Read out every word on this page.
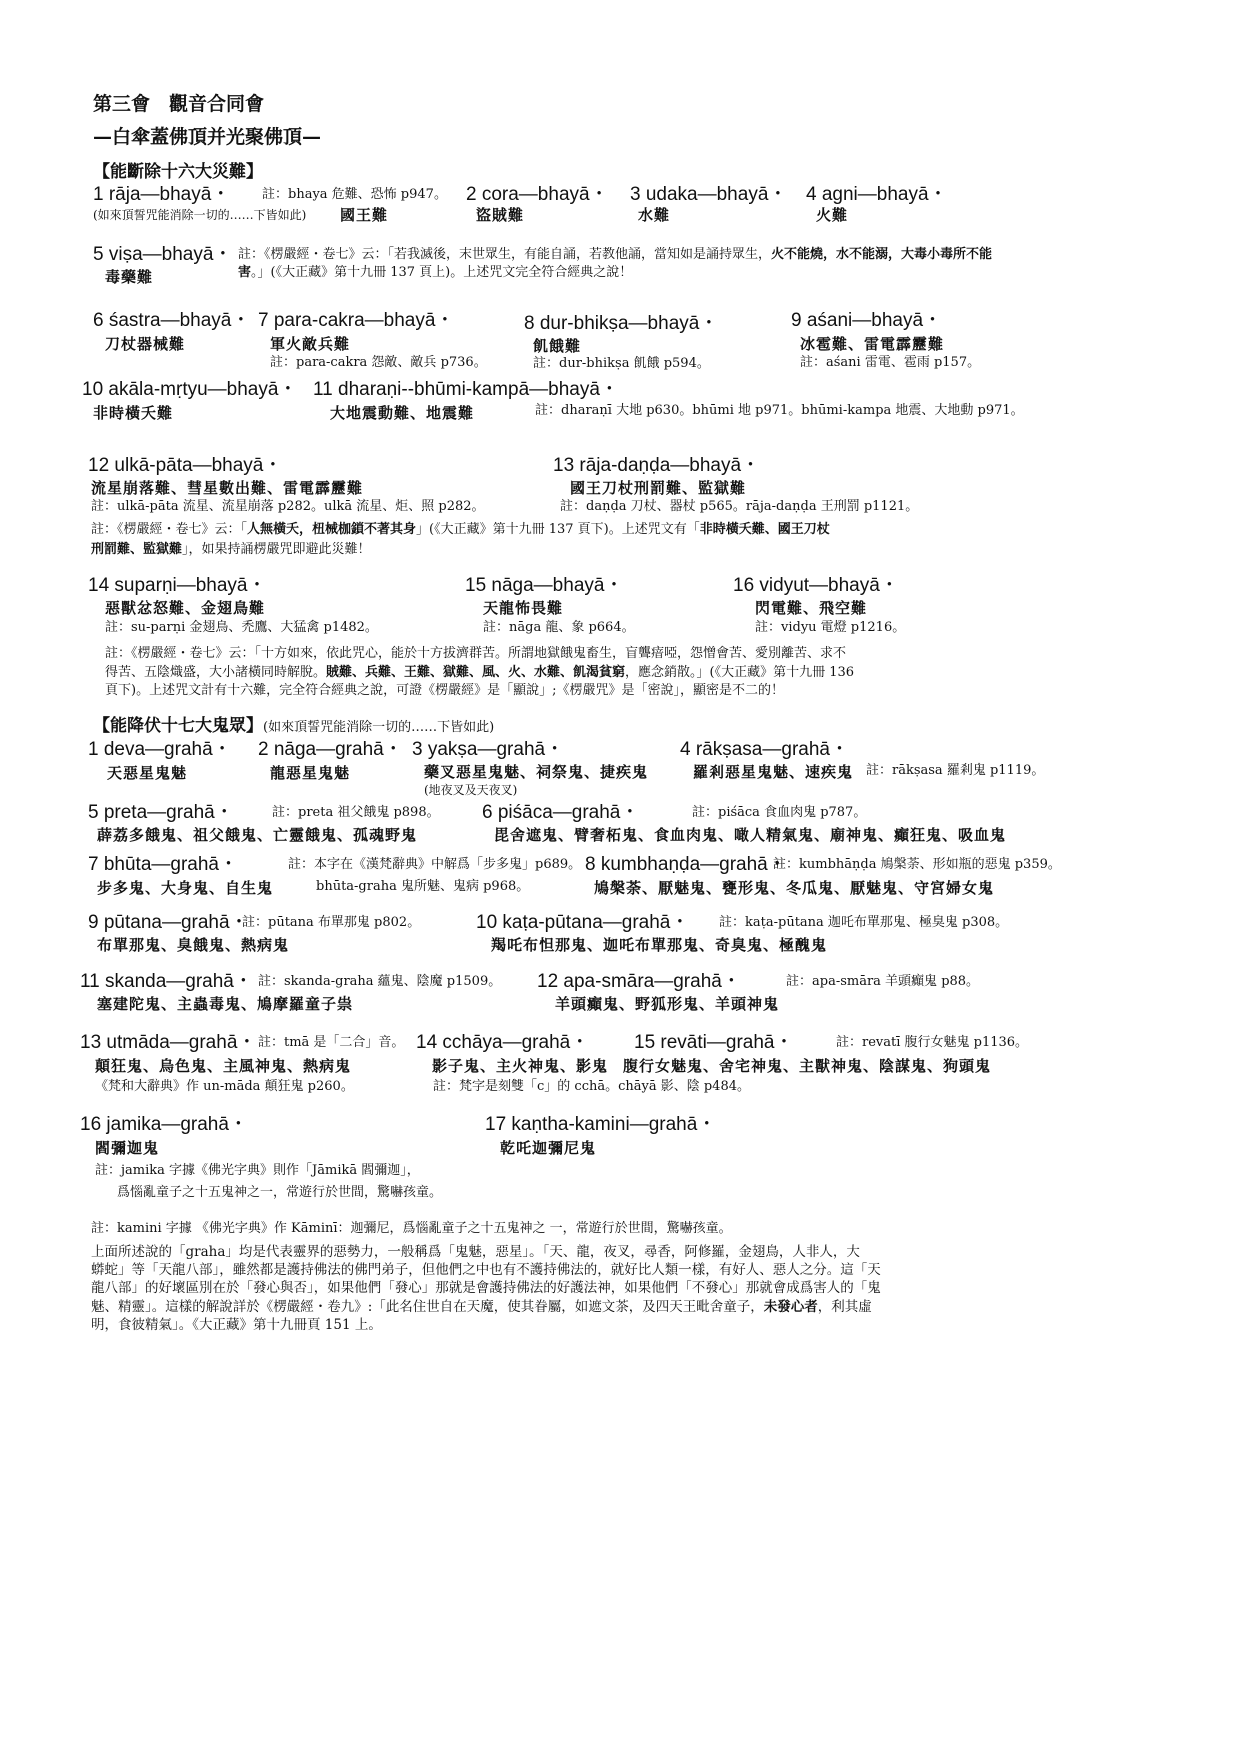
第三會　觀音合同會
—白傘蓋佛頂并光聚佛頂—
【能斷除十六大災難】
1 rāja—bhayā・
(如來頂誓咒能消除一切的……下皆如此) 國王難
註：bhaya 危難、恐怖 p947。 2 cora—bhayā・
盜賊難
3 udaka—bhayā・
水難
4 agni—bhayā・
火難
5 viṣa—bhayā・
毒藥難
註：《楞嚴經・卷七》云：「若我滅後，末世眾生，有能自誦，若教他誦，當知如是誦持眾生，火不能燒，水不能溺，大毒小毒所不能
害。」(《大正藏》第十九冊 137 頁上)。上述咒文完全符合經典之說！
6 śastra—bhayā・
刀杖器械難
7 para-cakra—bhayā・
軍火敵兵難
註：para-cakra 怨敵、敵兵 p736。
8 dur-bhikṣa—bhayā・
飢餓難
註：dur-bhikṣa 飢餓 p594。
9 aśani—bhayā・
冰雹難、雷電霹靂難
註：aśani 雷電、雹雨 p157。
10 akāla-mṛtyu—bhayā・
非時橫夭難
11 dharaṇi--bhūmi-kampā—bhayā・
大地震動難、地震難	註：dharaṇī 大地 p630。bhūmi 地 p971。bhūmi-kampa 地震、大地動 p971。
12 ulkā-pāta—bhayā・
流星崩落難、彗星數出難、雷電霹靂難
註：ulkā-pāta 流星、流星崩落 p282。ulkā 流星、炬、照 p282。
13 rāja-daṇḍa—bhayā・
國王刀杖刑罰難、監獄難
註：daṇḍa 刀杖、器杖 p565。rāja-daṇḍa 王刑罰 p1121。
註：《楞嚴經・卷七》云：「人無橫夭，杻械枷鎖不著其身」(《大正藏》第十九冊 137 頁下)。上述咒文有「非時橫夭難、國王刀杖
刑罰難、監獄難」，如果持誦楞嚴咒即避此災難！
14 suparṇi—bhayā・
惡獸忿怒難、金翅鳥難
註：su-parṇi 金翅鳥、禿鷹、大猛禽 p1482。
15 nāga—bhayā・
天龍怖畏難
註：nāga 龍、象 p664。
16 vidyut—bhayā・
閃電難、飛空難
註：vidyu 電燈 p1216。
註：《楞嚴經・卷七》云：「十方如來，依此咒心，能於十方拔濟群苦。所謂地獄餓鬼畜生，盲聾瘖啞，怨憎會苦、愛別離苦、求不
得苦、五陰熾盛，大小諸橫同時解脫。賊難、兵難、王難、獄難、風、火、水難、飢渴貧窮，應念銷散。」(《大正藏》第十九冊 136
頁下)。上述咒文計有十六難，完全符合經典之說，可證《楞嚴經》是「顯說」;《楞嚴咒》是「密說」，顯密是不二的！
【能降伏十七大鬼眾】(如來頂誓咒能消除一切的……下皆如此)
1 deva—grahā・
天惡星鬼魅
2 nāga—grahā・
龍惡星鬼魅
3 yakṣa—grahā・
藥叉惡星鬼魅、祠祭鬼、捷疾鬼
(地夜叉及天夜叉)
4 rākṣasa—grahā・
羅剎惡星鬼魅、速疾鬼 註：rākṣasa 羅剎鬼 p1119。
5 preta—grahā・
薜荔多餓鬼、祖父餓鬼、亡靈餓鬼、孤魂野鬼
註：preta 祖父餓鬼 p898。 6 piśāca—grahā・
毘舍遮鬼、臂奢柘鬼、食血肉鬼、噉人精氣鬼、廟神鬼、癲狂鬼、吸血鬼
註：piśāca 食血肉鬼 p787。
7 bhūta—grahā・
步多鬼、大身鬼、自生鬼
註：本字在《漢梵辭典》中解爲「步多鬼」p689。
bhūta-graha 鬼所魅、鬼病 p968。
8 kumbhaṇḍa—grahā・
鳩槃荼、厭魅鬼、甕形鬼、冬瓜鬼、厭魅鬼、守宮婦女鬼
註：kumbhāṇḍa 鳩槃荼、形如瓶的惡鬼 p359。
9 pūtana—grahā・
布單那鬼、臭餓鬼、熱病鬼
註：pūtana 布單那鬼 p802。	10 kaṭa-pūtana—grahā・
羯吒布怛那鬼、迦吒布單那鬼、奇臭鬼、極醜鬼
註：kaṭa-pūtana 迦吒布單那鬼、極臭鬼 p308。
11 skanda—grahā・
塞建陀鬼、主蟲毒鬼、鳩摩羅童子祟
註：skanda-graha 蘊鬼、陰魔 p1509。 12 apa-smāra—grahā・
羊頭癲鬼、野狐形鬼、羊頭神鬼
註：apa-smāra 羊頭癲鬼 p88。
13 utmāda—grahā・
顛狂鬼、烏色鬼、主風神鬼、熱病鬼
註：tmā 是「二合」音。
《梵和大辭典》作 un-māda 顛狂鬼 p260。
14 cchāya—grahā・
影子鬼、主火神鬼、影鬼
註：梵字是刻雙「c」的 cchā。chāyā 影、陰 p484。
15 revāti—grahā・
腹行女魅鬼、舍宅神鬼、主獸神鬼、陰謀鬼、狗頭鬼
註：revatī 腹行女魅鬼 p1136。
16 jamika—grahā・
閻彌迦鬼
17 kaṇtha-kamini—grahā・
乾吒迦彌尼鬼
註：jamika 字據《佛光字典》則作「Jāmikā 閻彌迦」，
爲惱亂童子之十五鬼神之一，常遊行於世間，驚嚇孩童。
註：kamini 字據 《佛光字典》作 Kāminī：迦彌尼，爲惱亂童子之十五鬼神之 一，常遊行於世間，驚嚇孩童。
上面所述說的「graha」均是代表靈界的惡勢力，一般稱爲「鬼魅，惡星」。「天、龍，夜叉，尋香，阿修羅，金翅鳥，人非人，大
蟒蛇」等「天龍八部」，雖然都是護持佛法的佛門弟子，但他們之中也有不護持佛法的，就好比人類一樣，有好人、惡人之分。這「天
龍八部」的好壞區別在於「發心與否」，如果他們「發心」那就是會護持佛法的好護法神，如果他們「不發心」那就會成爲害人的「鬼
魅、精靈」。這樣的解說詳於《楞嚴經・卷九》:「此名住世自在天魔，使其眷屬，如遮文茶，及四天王毗舍童子，未發心者，利其虛
明，食彼精氣」。《大正藏》第十九冊頁 151 上。
